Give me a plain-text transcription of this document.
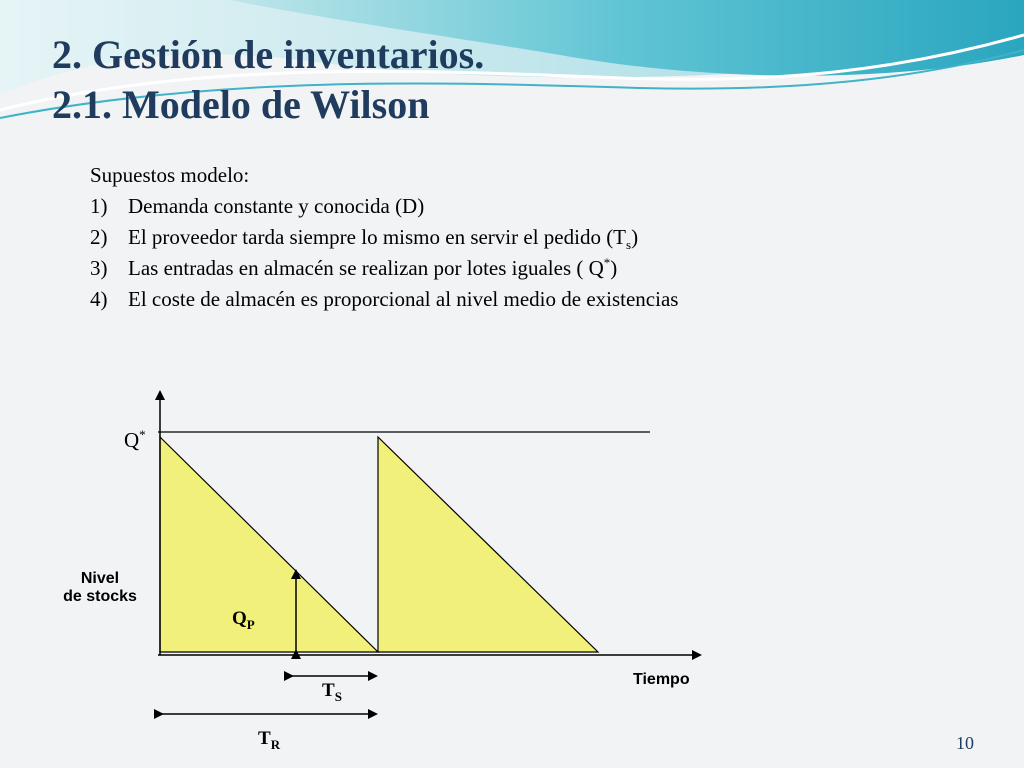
2. Gestión de inventarios.
2.1. Modelo de Wilson
Supuestos modelo:
1) Demanda constante y conocida (D)
2) El proveedor tarda siempre lo mismo en servir el pedido $(T_s)$
3) Las entradas en almacén se realizan por lotes iguales ( Q*)
4) El coste de almacén es proporcional al nivel medio de existencias
Q*
Nivel
de stocks
$Q_P$
Tiempo
$T_S$
$T_R$	10
